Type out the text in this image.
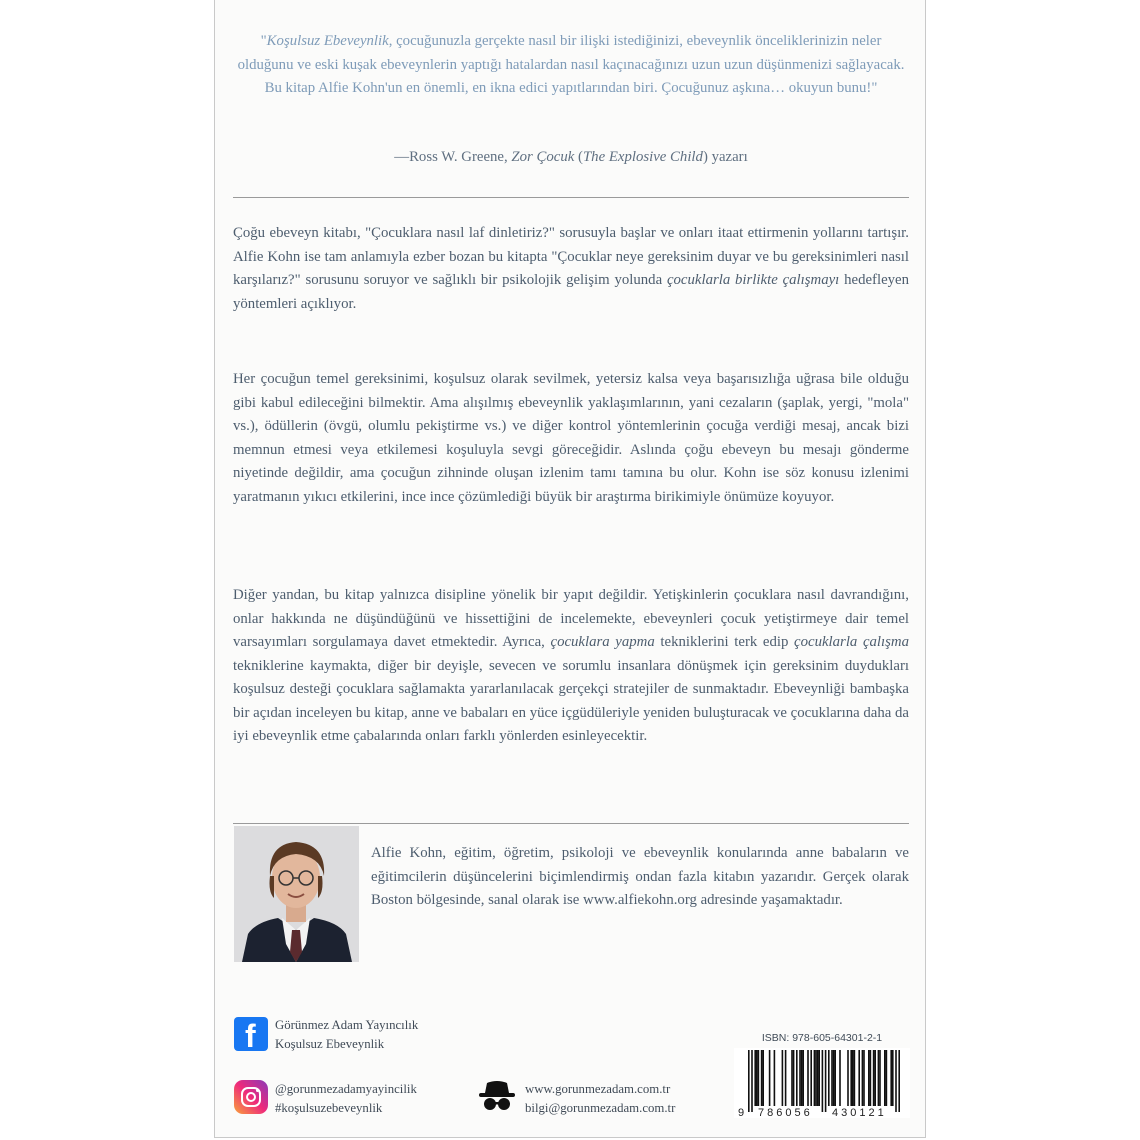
"Koşulsuz Ebeveynlik, çocuğunuzla gerçekte nasıl bir ilişki istediğinizi, ebeveynlik önceliklerinizin neler olduğunu ve eski kuşak ebeveynlerin yaptığı hatalardan nasıl kaçınacağınızı uzun uzun düşünmenizi sağlayacak. Bu kitap Alfie Kohn'un en önemli, en ikna edici yapıtlarından biri. Çocuğunuz aşkına… okuyun bunu!"
—Ross W. Greene, Zor Çocuk (The Explosive Child) yazarı
Çoğu ebeveyn kitabı, "Çocuklara nasıl laf dinletiriz?" sorusuyla başlar ve onları itaat ettirmenin yollarını tartışır. Alfie Kohn ise tam anlamıyla ezber bozan bu kitapta "Çocuklar neye gereksinim duyar ve bu gereksinimleri nasıl karşılarız?" sorusunu soruyor ve sağlıklı bir psikolojik gelişim yolunda çocuklarla birlikte çalışmayı hedefleyen yöntemleri açıklıyor.
Her çocuğun temel gereksinimi, koşulsuz olarak sevilmek, yetersiz kalsa veya başarısızlığa uğrasa bile olduğu gibi kabul edileceğini bilmektir. Ama alışılmış ebeveynlik yaklaşımlarının, yani cezaların (şaplak, yergi, "mola" vs.), ödüllerin (övgü, olumlu pekiştirme vs.) ve diğer kontrol yöntemlerinin çocuğa verdiği mesaj, ancak bizi memnun etmesi veya etkilemesi koşuluyla sevgi göreceğidir. Aslında çoğu ebeveyn bu mesajı gönderme niyetinde değildir, ama çocuğun zihninde oluşan izlenim tamı tamına bu olur. Kohn ise söz konusu izlenimi yaratmanın yıkıcı etkilerini, ince ince çözümlediği büyük bir araştırma birikimiyle önümüze koyuyor.
Diğer yandan, bu kitap yalnızca disipline yönelik bir yapıt değildir. Yetişkinlerin çocuklara nasıl davrandığını, onlar hakkında ne düşündüğünü ve hissettiğini de incelemekte, ebeveynleri çocuk yetiştirmeye dair temel varsayımları sorgulamaya davet etmektedir. Ayrıca, çocuklara yapma tekniklerini terk edip çocuklarla çalışma tekniklerine kaymakta, diğer bir deyişle, sevecen ve sorumlu insanlara dönüşmek için gereksinim duydukları koşulsuz desteği çocuklara sağlamakta yararlanılacak gerçekçi stratejiler de sunmaktadır. Ebeveynliği bambaşka bir açıdan inceleyen bu kitap, anne ve babaları en yüce içgüdüleriyle yeniden buluşturacak ve çocuklarına daha da iyi ebeveynlik etme çabalarında onları farklı yönlerden esinleyecektir.
Alfie Kohn, eğitim, öğretim, psikoloji ve ebeveynlik konularında anne babaların ve eğitimcilerin düşüncelerini biçimlendirmiş ondan fazla kitabın yazarıdır. Gerçek olarak Boston bölgesinde, sanal olarak ise www.alfiekohn.org adresinde yaşamaktadır.
f Görünmez Adam Yayıncılık
Koşulsuz Ebeveynlik
@gorunmezadamyayincilik
#koşulsuzebeveynlik
www.gorunmezadam.com.tr
bilgi@gorunmezadam.com.tr
ISBN: 978-605-64301-2-1
9 786056 430121
